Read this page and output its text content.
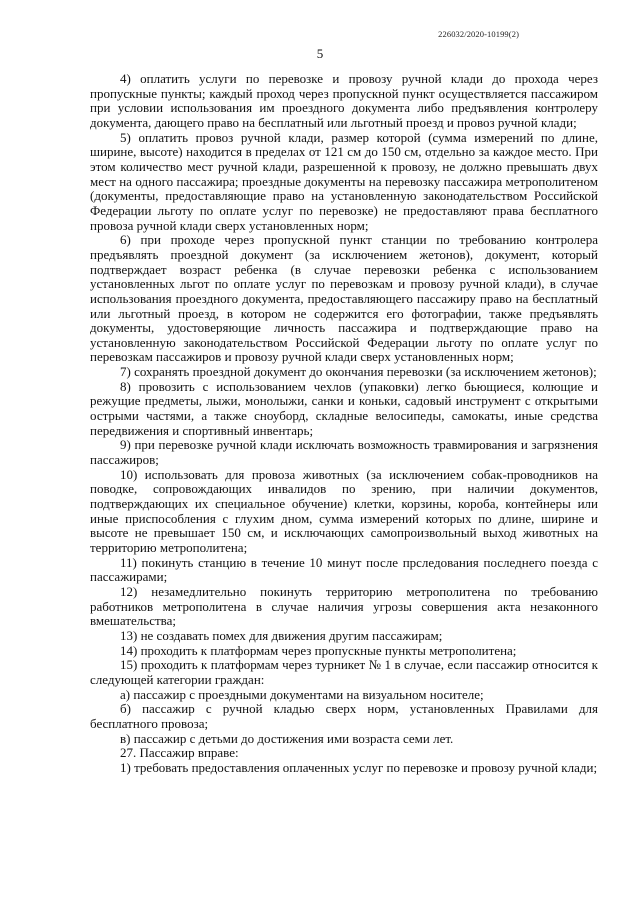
226032/2020-10199(2)
5

4) оплатить услуги по перевозке и провозу ручной клади до прохода через пропускные пункты; каждый проход через пропускной пункт осуществляется пассажиром при условии использования им проездного документа либо предъявления контролеру документа, дающего право на бесплатный или льготный проезд и провоз ручной клади;

5) оплатить провоз ручной клади, размер которой (сумма измерений по длине, ширине, высоте) находится в пределах от 121 см до 150 см, отдельно за каждое место. При этом количество мест ручной клади, разрешенной к провозу, не должно превышать двух мест на одного пассажира; проездные документы на перевозку пассажира метрополитеном (документы, предоставляющие право на установленную законодательством Российской Федерации льготу по оплате услуг по перевозке) не предоставляют права бесплатного провоза ручной клади сверх установленных норм;

6) при проходе через пропускной пункт станции по требованию контролера предъявлять проездной документ (за исключением жетонов), документ, который подтверждает возраст ребенка (в случае перевозки ребенка с использованием установленных льгот по оплате услуг по перевозкам и провозу ручной клади), в случае использования проездного документа, предоставляющего пассажиру право на бесплатный или льготный проезд, в котором не содержится его фотографии, также предъявлять документы, удостоверяющие личность пассажира и подтверждающие право на установленную законодательством Российской Федерации льготу по оплате услуг по перевозкам пассажиров и провозу ручной клади сверх установленных норм;

7) сохранять проездной документ до окончания перевозки (за исключением жетонов);

8) провозить с использованием чехлов (упаковки) легко бьющиеся, колющие и режущие предметы, лыжи, монолыжи, санки и коньки, садовый инструмент с открытыми острыми частями, а также сноуборд, складные велосипеды, самокаты, иные средства передвижения и спортивный инвентарь;

9) при перевозке ручной клади исключать возможность травмирования и загрязнения пассажиров;

10) использовать для провоза животных (за исключением собак-проводников на поводке, сопровождающих инвалидов по зрению, при наличии документов, подтверждающих их специальное обучение) клетки, корзины, короба, контейнеры или иные приспособления с глухим дном, сумма измерений которых по длине, ширине и высоте не превышает 150 см, и исключающих самопроизвольный выход животных на территорию метрополитена;

11) покинуть станцию в течение 10 минут после прследования последнего поезда с пассажирами;

12) незамедлительно покинуть территорию метрополитена по требованию работников метрополитена в случае наличия угрозы совершения акта незаконного вмешательства;

13) не создавать помех для движения другим пассажирам;

14) проходить к платформам через пропускные пункты метрополитена;

15) проходить к платформам через турникет № 1 в случае, если пассажир относится к следующей категории граждан:

а) пассажир с проездными документами на визуальном носителе;

б) пассажир с ручной кладью сверх норм, установленных Правилами для бесплатного провоза;

в) пассажир с детьми до достижения ими возраста семи лет.

27. Пассажир вправе:

1) требовать предоставления оплаченных услуг по перевозке и провозу ручной клади;
